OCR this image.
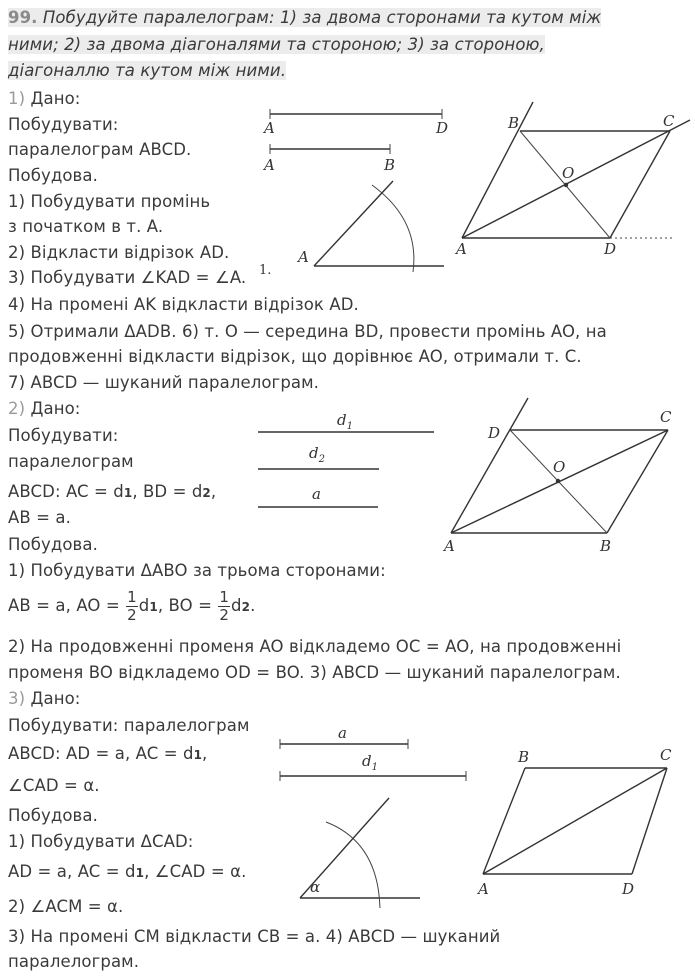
99. Побудуйте паралелограм: 1) за двома сторонами та кутом між
ними; 2) за двома діагоналями та стороною; 3) за стороною,
діагоналлю та кутом між ними.
1) Дано:
Побудувати:
паралелограм ABCD.
Побудова.
1) Побудувати промінь
з початком в т. A.
2) Відкласти відрізок AD.
3) Побудувати ∠KAD = ∠A.
4) На промені AK відкласти відрізок AD.
5) Отримали ΔADB. 6) т. O — середина BD, провести промінь AO, на
продовженні відкласти відрізок, що дорівнює AO, отримали т. C.
7) ABCD — шуканий паралелограм.
2) Дано:
Побудувати:
паралелограм
ABCD: AC = d1, BD = d2,
AB = a.
Побудова.
1) Побудувати ΔABO за трьома сторонами:
AB = a, AO = $\frac{1}{2} d1$, BO = $\frac{1}{2} d2$.
2) На продовженні променя AO відкладемо OC = AO, на продовженні
променя BO відкладемо OD = BO. 3) ABCD — шуканий паралелограм.
3) Дано:
Побудувати: паралелограм
ABCD: AD = a, AC = d1,
∠CAD = α.
Побудова.
1) Побудувати ΔCAD:
AD = a, AC = d1, ∠CAD = α.
2) ∠ACM = α.
3) На промені CM відкласти CB = a. 4) ABCD — шуканий
паралелограм.
A	D
A	B
A
1.
A
B	C
D
O
$d_1$
$d_2$
a
A	B
C
D
O
a
$d_1$
α	A
B	C
D
